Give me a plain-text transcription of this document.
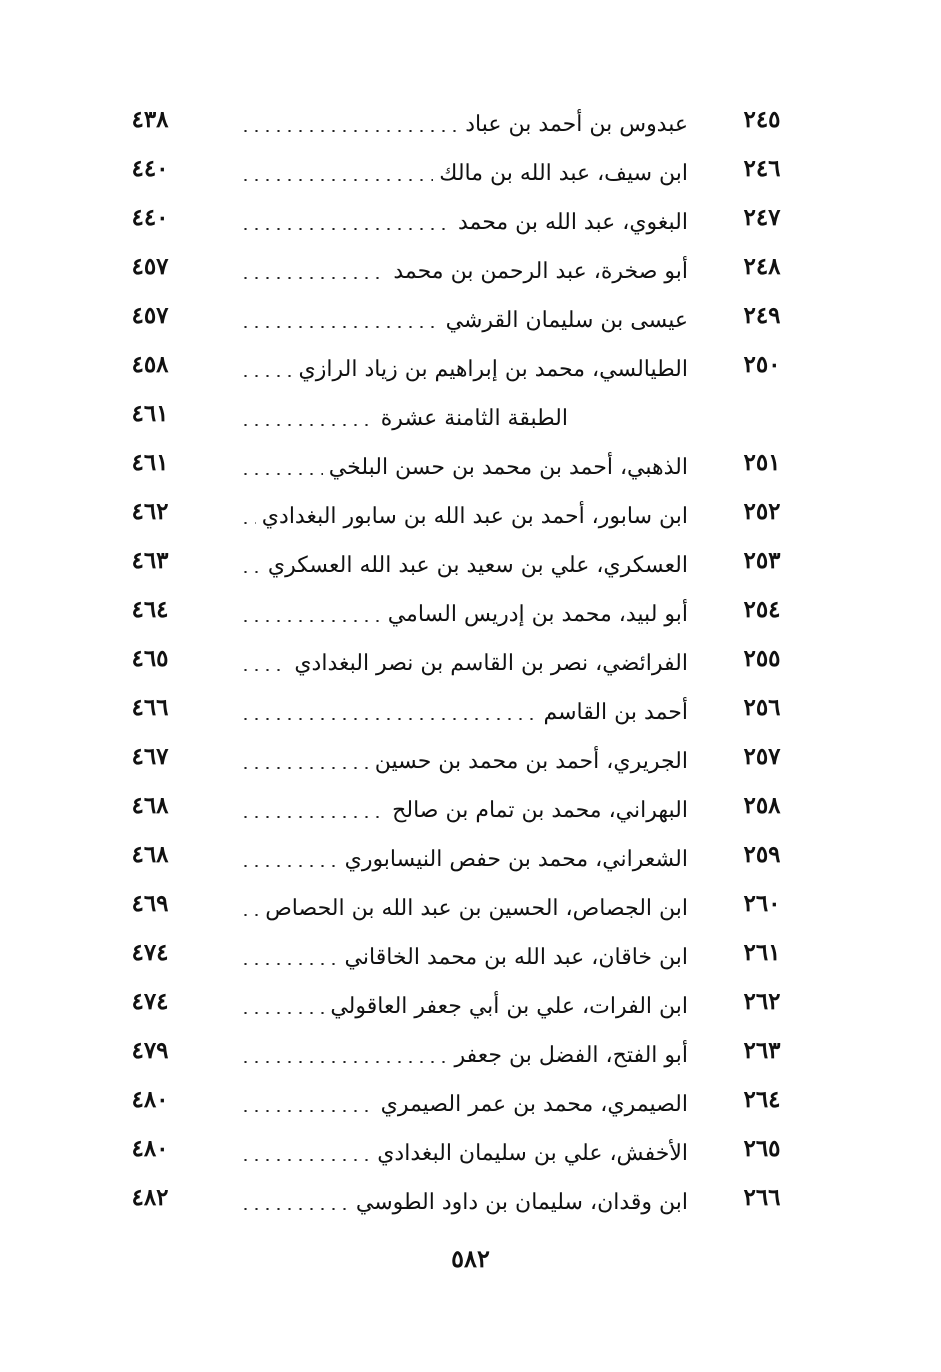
٢٤٥
عبدوس بن أحمد بن عباد
٤٣٨
٢٤٦
ابن سيف، عبد الله بن مالك
٤٤٠
٢٤٧
البغوي، عبد الله بن محمد
٤٤٠
٢٤٨
أبو صخرة، عبد الرحمن بن محمد
٤٥٧
٢٤٩
عيسى بن سليمان القرشي
٤٥٧
٢٥٠
الطيالسي، محمد بن إبراهيم بن زياد الرازي
٤٥٨
الطبقة الثامنة عشرة
٤٦١
٢٥١
الذهبي، أحمد بن محمد بن حسن البلخي
٤٦١
٢٥٢
ابن سابور، أحمد بن عبد الله بن سابور البغدادي
٤٦٢
٢٥٣
العسكري، علي بن سعيد بن عبد الله العسكري
٤٦٣
٢٥٤
أبو لبيد، محمد بن إدريس السامي
٤٦٤
٢٥٥
الفرائضي، نصر بن القاسم بن نصر البغدادي
٤٦٥
٢٥٦
أحمد بن القاسم
٤٦٦
٢٥٧
الجريري، أحمد بن محمد بن حسين
٤٦٧
٢٥٨
البهراني، محمد بن تمام بن صالح
٤٦٨
٢٥٩
الشعراني، محمد بن حفص النيسابوري
٤٦٨
٢٦٠
ابن الجصاص، الحسين بن عبد الله بن الحصاص
٤٦٩
٢٦١
ابن خاقان، عبد الله بن محمد الخاقاني
٤٧٤
٢٦٢
ابن الفرات، علي بن أبي جعفر العاقولي
٤٧٤
٢٦٣
أبو الفتح، الفضل بن جعفر
٤٧٩
٢٦٤
الصيمري، محمد بن عمر الصيمري
٤٨٠
٢٦٥
الأخفش، علي بن سليمان البغدادي
٤٨٠
٢٦٦
ابن وقدان، سليمان بن داود الطوسي
٤٨٢
٥٨٢
